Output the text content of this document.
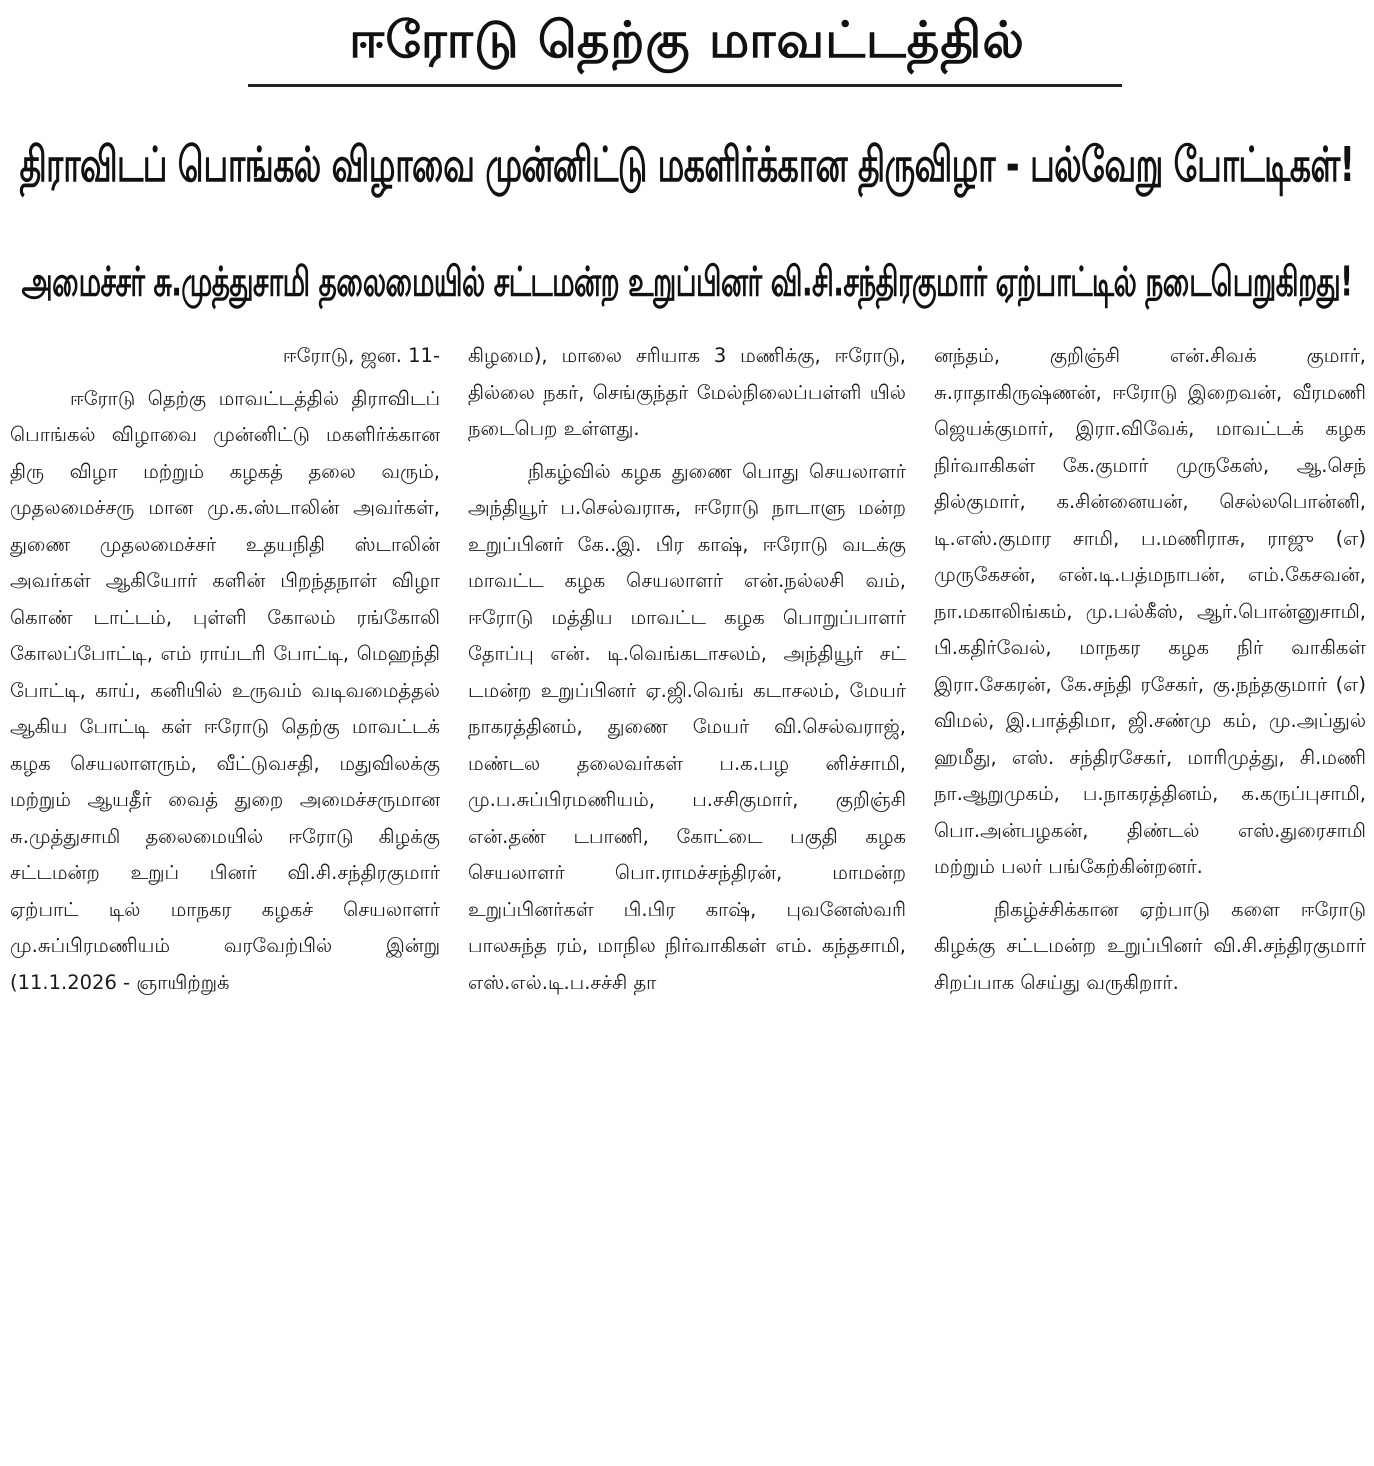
ஈரோடு தெற்கு மாவட்டத்தில்
திராவிடப் பொங்கல் விழாவை முன்னிட்டு மகளிர்க்கான திருவிழா - பல்வேறு போட்டிகள்!
அமைச்சர் சு.முத்துசாமி தலைமையில் சட்டமன்ற உறுப்பினர் வி.சி.சந்திரகுமார் ஏற்பாட்டில் நடைபெறுகிறது!

ஈரோடு, ஜன. 11-

ஈரோடு தெற்கு மாவட்டத்தில் திராவிடப் பொங்கல் விழாவை முன்னிட்டு மகளிர்க்கான திரு விழா மற்றும் கழகத் தலை வரும், முதலமைச்சரு மான மு.க.ஸ்டாலின் அவர்கள், துணை முதலமைச்சர் உதயநிதி ஸ்டாலின் அவர்கள் ஆகியோர் களின் பிறந்தநாள் விழா கொண் டாட்டம், புள்ளி கோலம் ரங்கோலி கோலப்போட்டி, எம் ராய்டரி போட்டி, மெஹந்தி போட்டி, காய், கனியில் உருவம் வடிவமைத்தல் ஆகிய போட்டி கள் ஈரோடு தெற்கு மாவட்டக் கழக செயலாளரும், வீட்டுவசதி, மதுவிலக்கு மற்றும் ஆயதீர் வைத் துறை அமைச்சருமான சு.முத்துசாமி தலைமையில் ஈரோடு கிழக்கு சட்டமன்ற உறுப் பினர் வி.சி.சந்திரகுமார் ஏற்பாட் டில் மாநகர கழகச் செயலாளர் மு.சுப்பிரமணியம் வரவேற்பில் இன்று (11.1.2026 - ஞாயிற்றுக்

கிழமை), மாலை சரியாக 3 மணிக்கு, ஈரோடு, தில்லை நகர், செங்குந்தர் மேல்நிலைப்பள்ளி யில் நடைபெற உள்ளது.

நிகழ்வில் கழக துணை பொது செயலாளர் அந்தியூர் ப.செல்வராசு, ஈரோடு நாடாளு மன்ற உறுப்பினர் கே..இ. பிர காஷ், ஈரோடு வடக்கு மாவட்ட கழக செயலாளர் என்.நல்லசி வம், ஈரோடு மத்திய மாவட்ட கழக பொறுப்பாளர் தோப்பு என். டி.வெங்கடாசலம், அந்தியூர் சட் டமன்ற உறுப்பினர் ஏ.ஜி.வெங் கடாசலம், மேயர் நாகரத்தினம், துணை மேயர் வி.செல்வராஜ், மண்டல தலைவர்கள் ப.க.பழ னிச்சாமி, மு.ப.சுப்பிரமணியம், ப.சசிகுமார், குறிஞ்சி என்.தண் டபாணி, கோட்டை பகுதி கழக செயலாளர் பொ.ராமச்சந்திரன், மாமன்ற உறுப்பினர்கள் பி.பிர காஷ், புவனேஸ்வரி பாலசுந்த ரம், மாநில நிர்வாகிகள் எம். கந்தசாமி, எஸ்.எல்.டி.ப.சச்சி தா

னந்தம், குறிஞ்சி என்.சிவக் குமார், சு.ராதாகிருஷ்ணன், ஈரோடு இறைவன், வீரமணி ஜெயக்குமார், இரா.விவேக், மாவட்டக் கழக நிர்வாகிகள் கே.குமார் முருகேஸ், ஆ.செந் தில்குமார், க.சின்னையன், செல்லபொன்னி, டி.எஸ்.குமார சாமி, ப.மணிராசு, ராஜு (எ) முருகேசன், என்.டி.பத்மநாபன், எம்.கேசவன், நா.மகாலிங்கம், மு.பல்கீஸ், ஆர்.பொன்னுசாமி, பி.கதிர்வேல், மாநகர கழக நிர் வாகிகள் இரா.சேகரன், கே.சந்தி ரசேகர், கு.நந்தகுமார் (எ) விமல், இ.பாத்திமா, ஜி.சண்மு கம், மு.அப்துல் ஹமீது, எஸ். சந்திரசேகர், மாரிமுத்து, சி.மணி நா.ஆறுமுகம், ப.நாகரத்தினம், க.கருப்புசாமி, பொ.அன்பழகன், திண்டல் எஸ்.துரைசாமி மற்றும் பலர் பங்கேற்கின்றனர்.

நிகழ்ச்சிக்கான ஏற்பாடு களை ஈரோடு கிழக்கு சட்டமன்ற உறுப்பினர் வி.சி.சந்திரகுமார் சிறப்பாக செய்து வருகிறார்.
